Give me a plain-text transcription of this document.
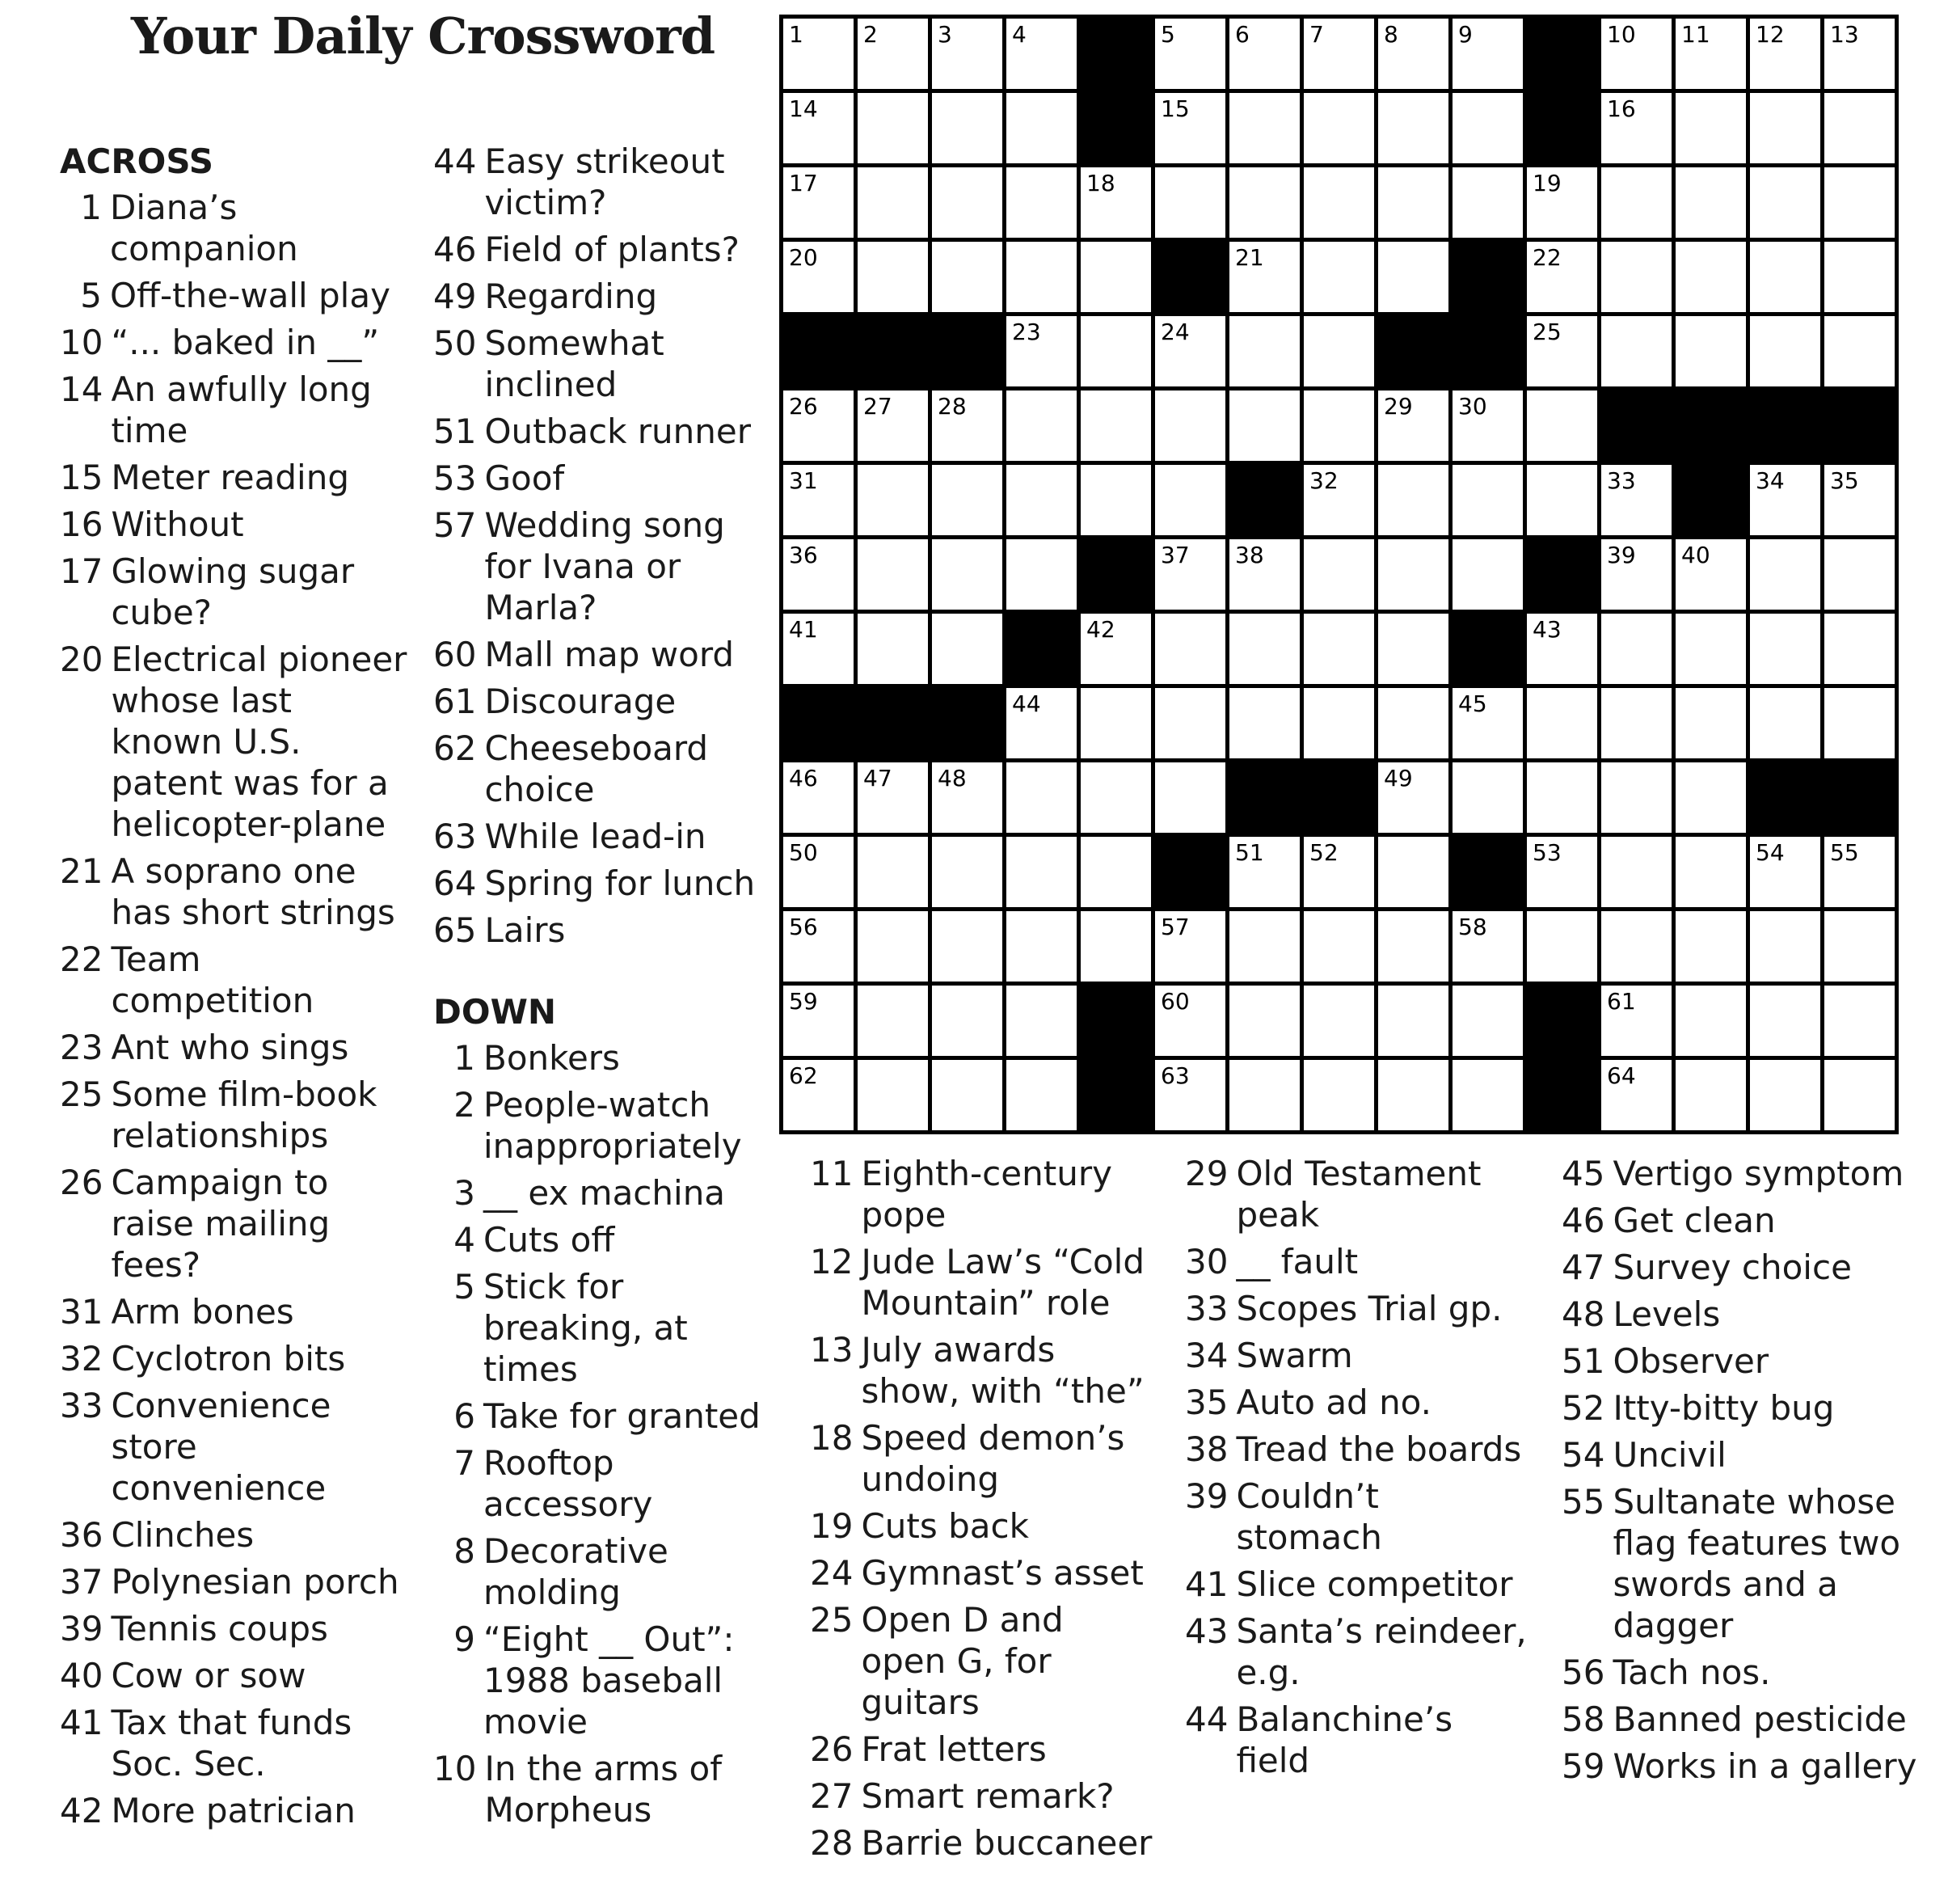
Your Daily Crossword
ACROSS
1 Diana’s companion
5 Off-the-wall play
10 “... baked in __”
14 An awfully long time
15 Meter reading
16 Without
17 Glowing sugar cube?
20 Electrical pioneer whose last known U.S. patent was for a helicopter-plane
21 A soprano one has short strings
22 Team competition
23 Ant who sings
25 Some film-book relationships
26 Campaign to raise mailing fees?
31 Arm bones
32 Cyclotron bits
33 Convenience store convenience
36 Clinches
37 Polynesian porch
39 Tennis coups
40 Cow or sow
41 Tax that funds Soc. Sec.
42 More patrician
44 Easy strikeout victim?
46 Field of plants?
49 Regarding
50 Somewhat inclined
51 Outback runner
53 Goof
57 Wedding song for Ivana or Marla?
60 Mall map word
61 Discourage
62 Cheeseboard choice
63 While lead-in
64 Spring for lunch
65 Lairs
DOWN
1 Bonkers
2 People-watch inappropriately
3 __ ex machina
4 Cuts off
5 Stick for breaking, at times
6 Take for granted
7 Rooftop accessory
8 Decorative molding
9 “Eight __ Out”: 1988 baseball movie
10 In the arms of Morpheus
11 Eighth-century pope
12 Jude Law’s “Cold Mountain” role
13 July awards show, with “the”
18 Speed demon’s undoing
19 Cuts back
24 Gymnast’s asset
25 Open D and open G, for guitars
26 Frat letters
27 Smart remark?
28 Barrie buccaneer
29 Old Testament peak
30 __ fault
33 Scopes Trial gp.
34 Swarm
35 Auto ad no.
38 Tread the boards
39 Couldn’t stomach
41 Slice competitor
43 Santa’s reindeer, e.g.
44 Balanchine’s field
45 Vertigo symptom
46 Get clean
47 Survey choice
48 Levels
51 Observer
52 Itty-bitty bug
54 Uncivil
55 Sultanate whose flag features two swords and a dagger
56 Tach nos.
58 Banned pesticide
59 Works in a gallery
1	2	3	4	5	6	7	8	9	10 11 12 13
14	15	16
17	18	19
20	21	22
23	24	25
26 27 28	29 30
31	32	33	34 35
36	37 38	39 40
41	42	43
44	45
46 47 48	49
50	51 52	53	54 55
56	57	58
59	60	61
62	63	64
